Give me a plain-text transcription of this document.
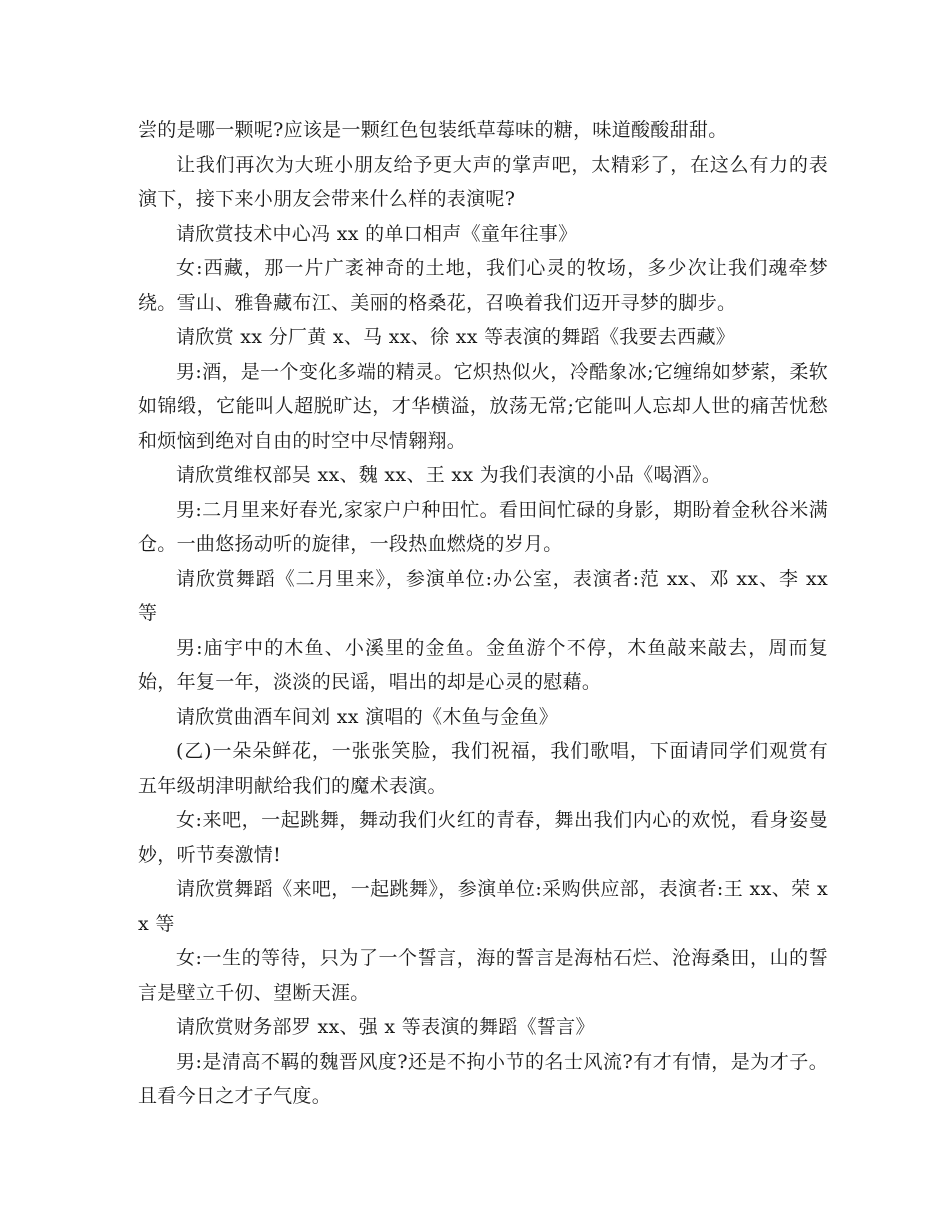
尝的是哪一颗呢?应该是一颗红色包装纸草莓味的糖，味道酸酸甜甜。

让我们再次为大班小朋友给予更大声的掌声吧，太精彩了，在这么有力的表演下，接下来小朋友会带来什么样的表演呢?

请欣赏技术中心冯 xx 的单口相声《童年往事》

女:西藏，那一片广袤神奇的土地，我们心灵的牧场，多少次让我们魂牵梦绕。雪山、雅鲁藏布江、美丽的格桑花，召唤着我们迈开寻梦的脚步。

请欣赏 xx 分厂黄 x、马 xx、徐 xx 等表演的舞蹈《我要去西藏》

男:酒，是一个变化多端的精灵。它炽热似火，冷酷象冰;它缠绵如梦萦，柔软如锦缎，它能叫人超脱旷达，才华横溢，放荡无常;它能叫人忘却人世的痛苦忧愁和烦恼到绝对自由的时空中尽情翱翔。

请欣赏维权部吴 xx、魏 xx、王 xx 为我们表演的小品《喝酒》。

男:二月里来好春光,家家户户种田忙。看田间忙碌的身影，期盼着金秋谷米满仓。一曲悠扬动听的旋律，一段热血燃烧的岁月。

请欣赏舞蹈《二月里来》，参演单位:办公室，表演者:范 xx、邓 xx、李 xx 等

男:庙宇中的木鱼、小溪里的金鱼。金鱼游个不停，木鱼敲来敲去，周而复始，年复一年，淡淡的民谣，唱出的却是心灵的慰藉。

请欣赏曲酒车间刘 xx 演唱的《木鱼与金鱼》

(乙)一朵朵鲜花，一张张笑脸，我们祝福，我们歌唱，下面请同学们观赏有五年级胡津明献给我们的魔术表演。

女:来吧，一起跳舞，舞动我们火红的青春，舞出我们内心的欢悦，看身姿曼妙，听节奏激情!

请欣赏舞蹈《来吧，一起跳舞》，参演单位:采购供应部，表演者:王 xx、荣 xx 等

女:一生的等待，只为了一个誓言，海的誓言是海枯石烂、沧海桑田，山的誓言是壁立千仞、望断天涯。

请欣赏财务部罗 xx、强 x 等表演的舞蹈《誓言》

男:是清高不羁的魏晋风度?还是不拘小节的名士风流?有才有情，是为才子。且看今日之才子气度。
